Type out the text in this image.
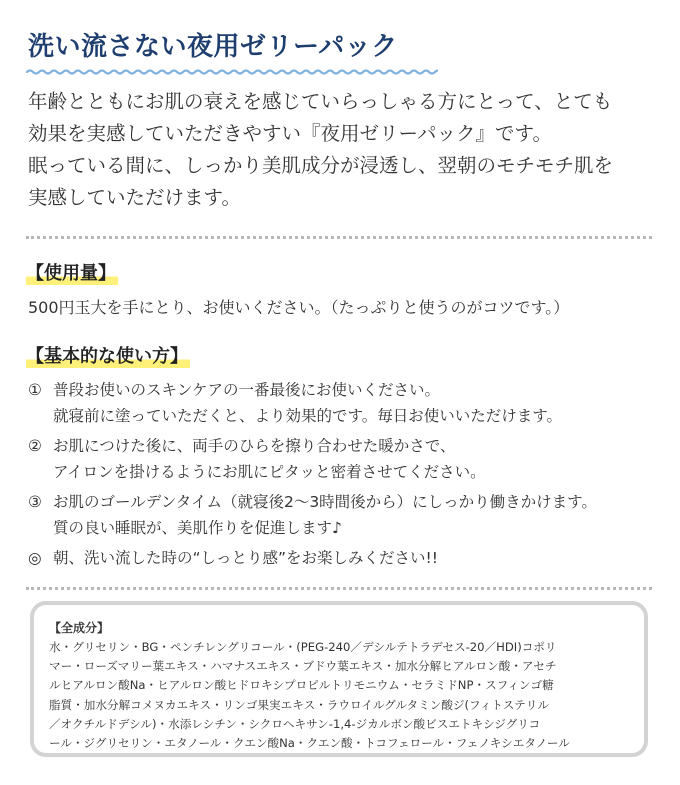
洗い流さない夜用ゼリーパック

年齢とともにお肌の衰えを感じていらっしゃる方にとって、とても

効果を実感していただきやすい『夜用ゼリーパック』です。

眠っている間に、しっかり美肌成分が浸透し、翌朝のモチモチ肌を

実感していただけます。

【使用量】

500円玉大を手にとり、お使いください。（たっぷりと使うのがコツです。）

【基本的な使い方】
① 普段お使いのスキンケアの一番最後にお使いください。
就寝前に塗っていただくと、より効果的です。毎日お使いいただけます。
② お肌につけた後に、両手のひらを擦り合わせた暖かさで、
アイロンを掛けるようにお肌にピタッと密着させてください。
③ お肌のゴールデンタイム（就寝後2〜3時間後から）にしっかり働きかけます。
質の良い睡眠が、美肌作りを促進します♪
◎ 朝、洗い流した時の“しっとり感”をお楽しみください!!

【全成分】

水・グリセリン・BG・ペンチレングリコール・(PEG-240／デシルテトラデセス-20／HDI)コポリ
マー・ローズマリー葉エキス・ハマナスエキス・ブドウ葉エキス・加水分解ヒアルロン酸・アセチ
ルヒアルロン酸Na・ヒアルロン酸ヒドロキシプロピルトリモニウム・セラミドNP・スフィンゴ糖
脂質・加水分解コメヌカエキス・リンゴ果実エキス・ラウロイルグルタミン酸ジ(フィトステリル
／オクチルドデシル)・水添レシチン・シクロヘキサン-1,4-ジカルボン酸ビスエトキシジグリコ
ール・ジグリセリン・エタノール・クエン酸Na・クエン酸・トコフェロール・フェノキシエタノール
